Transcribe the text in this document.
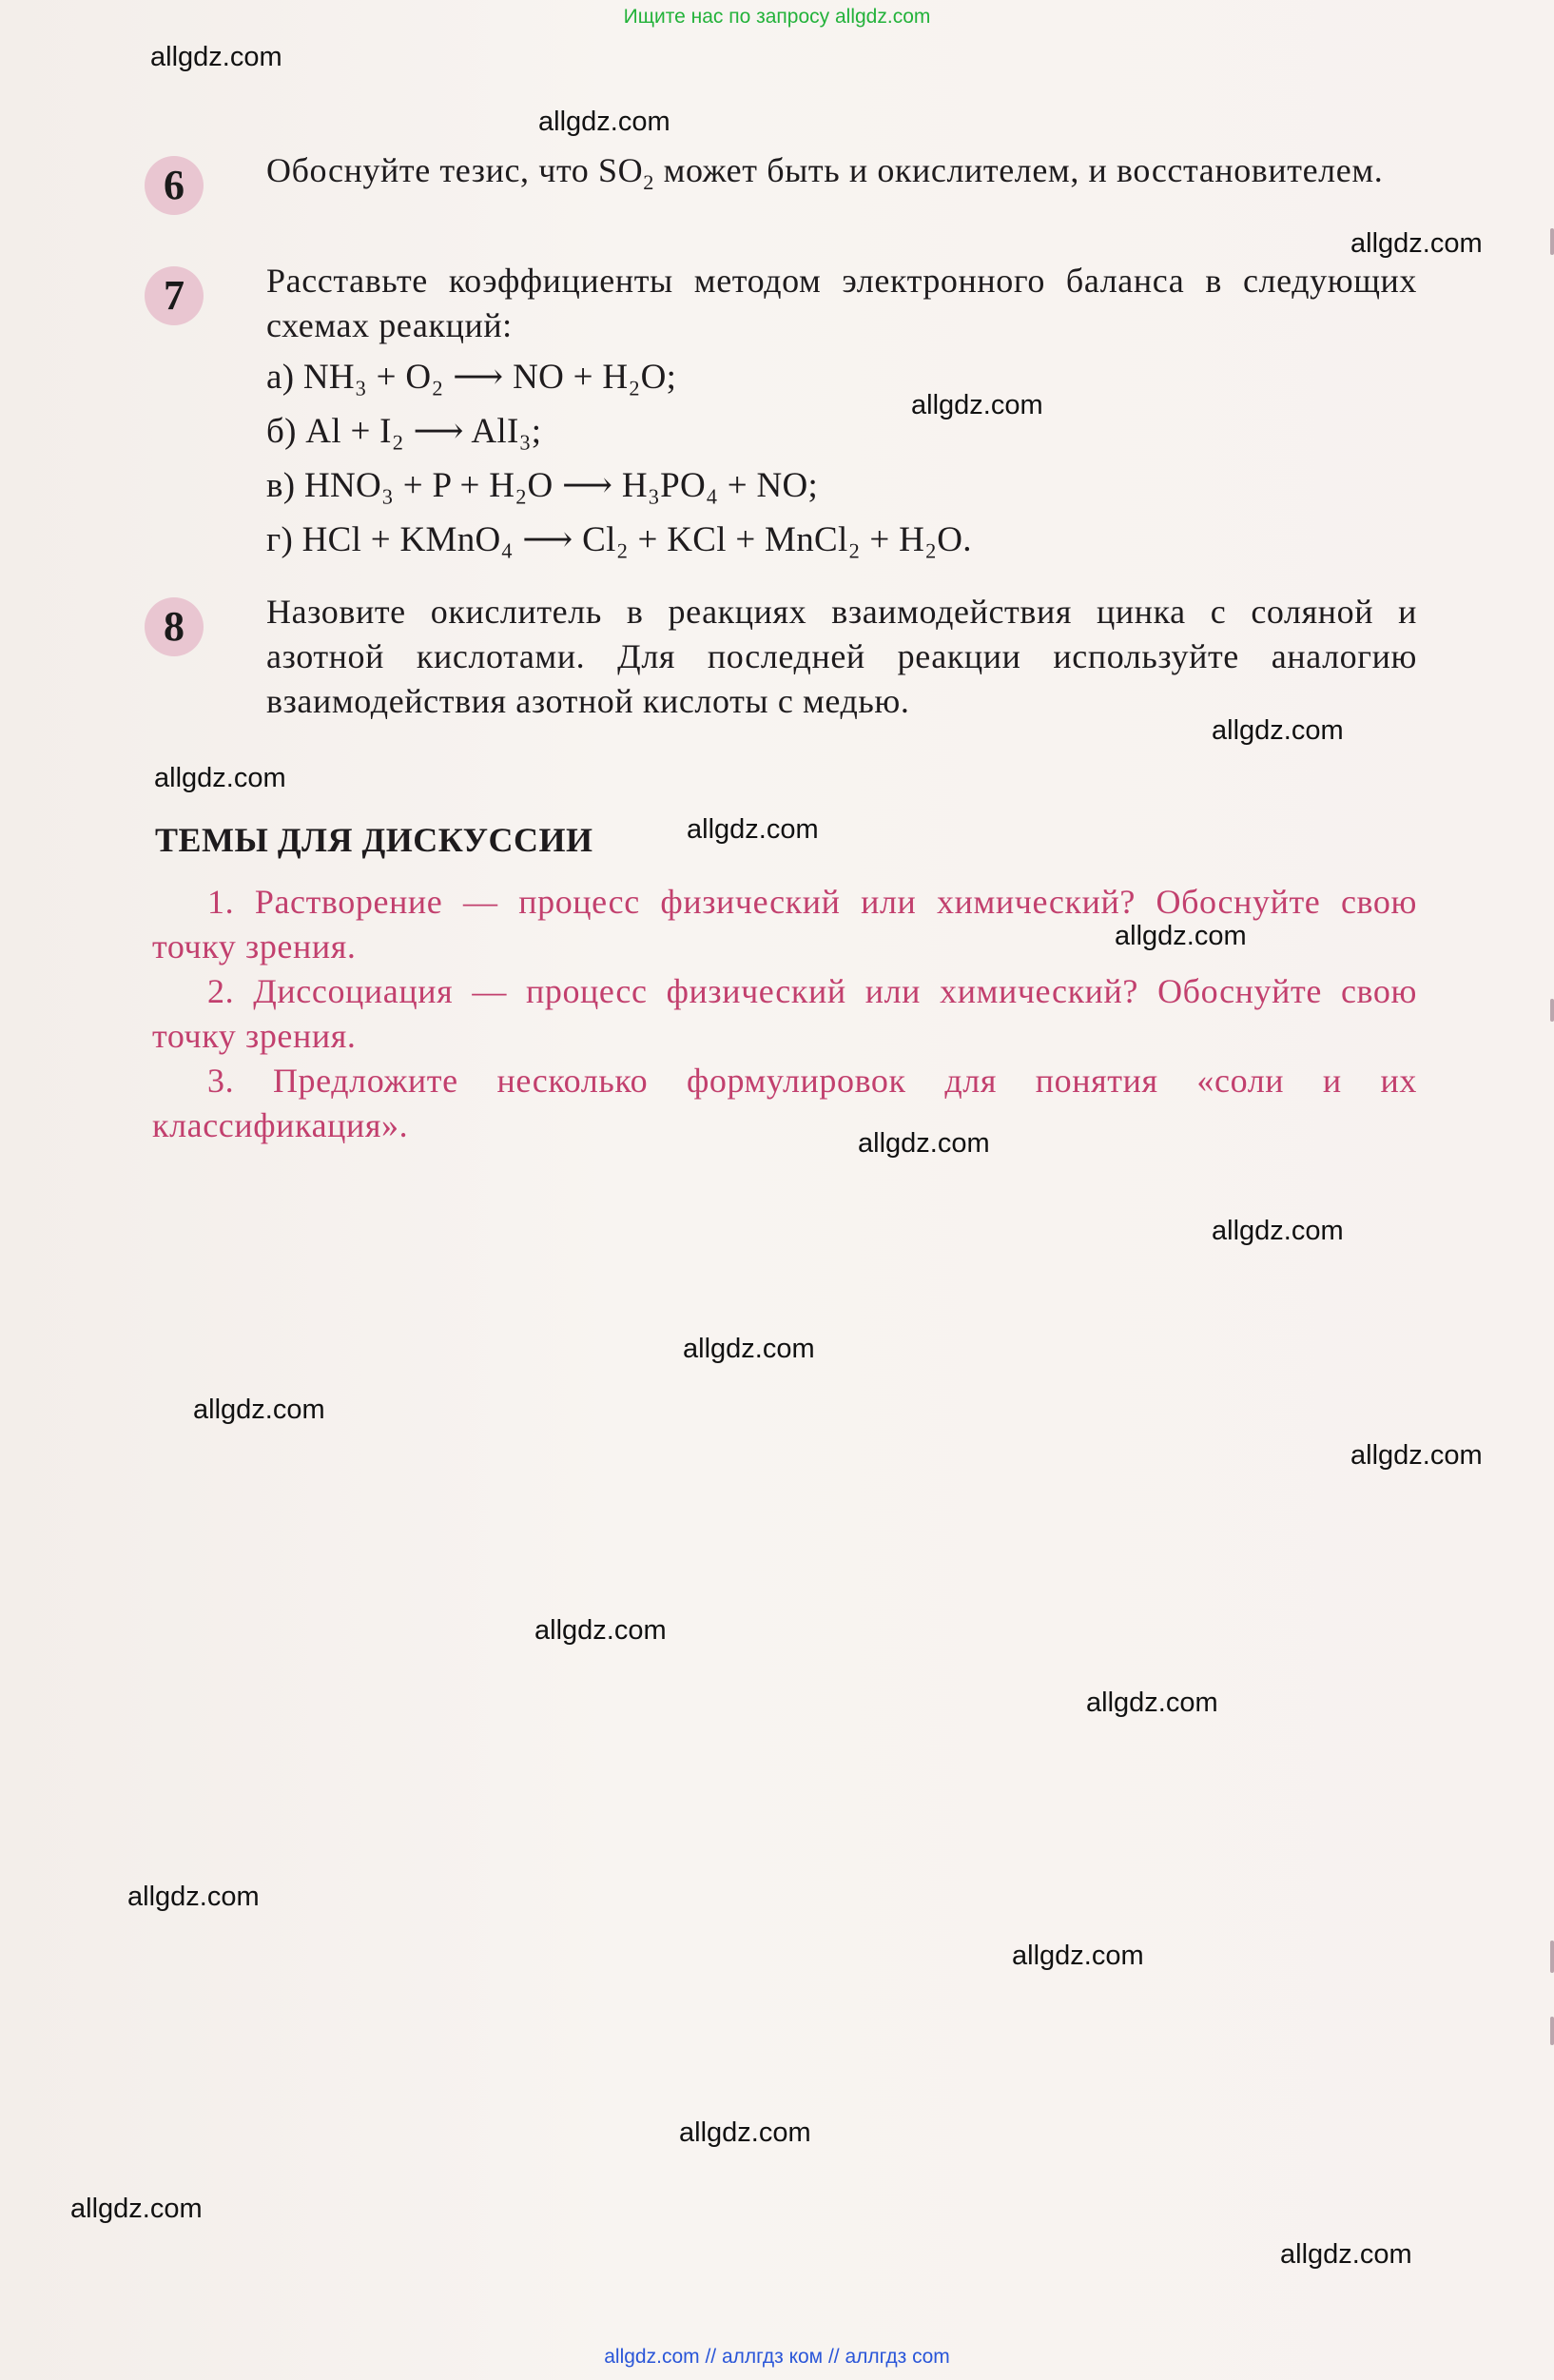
Ищите нас по запросу allgdz.com
allgdz.com
allgdz.com
allgdz.com
allgdz.com
allgdz.com
allgdz.com
allgdz.com
allgdz.com
allgdz.com
allgdz.com
allgdz.com
allgdz.com
allgdz.com
allgdz.com
allgdz.com
allgdz.com
allgdz.com
allgdz.com
allgdz.com
allgdz.com
6	Обоснуйте тезис, что $SO_2$ может быть и окислителем, и восстановителем.
7	Расставьте коэффициенты методом электронного баланса в следующих схемах реакций:
а) NH₃ + O₂ ⟶ NO + H₂O;
б) Al + I₂ ⟶ AlI₃;
в) HNO₃ + P + H₂O ⟶ H₃PO₄ + NO;
г) HCl + KMnO₄ ⟶ Cl₂ + KCl + MnCl₂ + H₂O.
8	Назовите окислитель в реакциях взаимодействия цинка с соляной и азотной кислотами. Для последней реакции используйте аналогию взаимодействия азотной кислоты с медью.
ТЕМЫ ДЛЯ ДИСКУССИИ
1. Растворение — процесс физический или химический? Обоснуйте свою точку зрения.
2. Диссоциация — процесс физический или химический? Обоснуйте свою точку зрения.
3. Предложите несколько формулировок для понятия «соли и их классификация».
allgdz.com // аллгдз ком // аллгдз com
